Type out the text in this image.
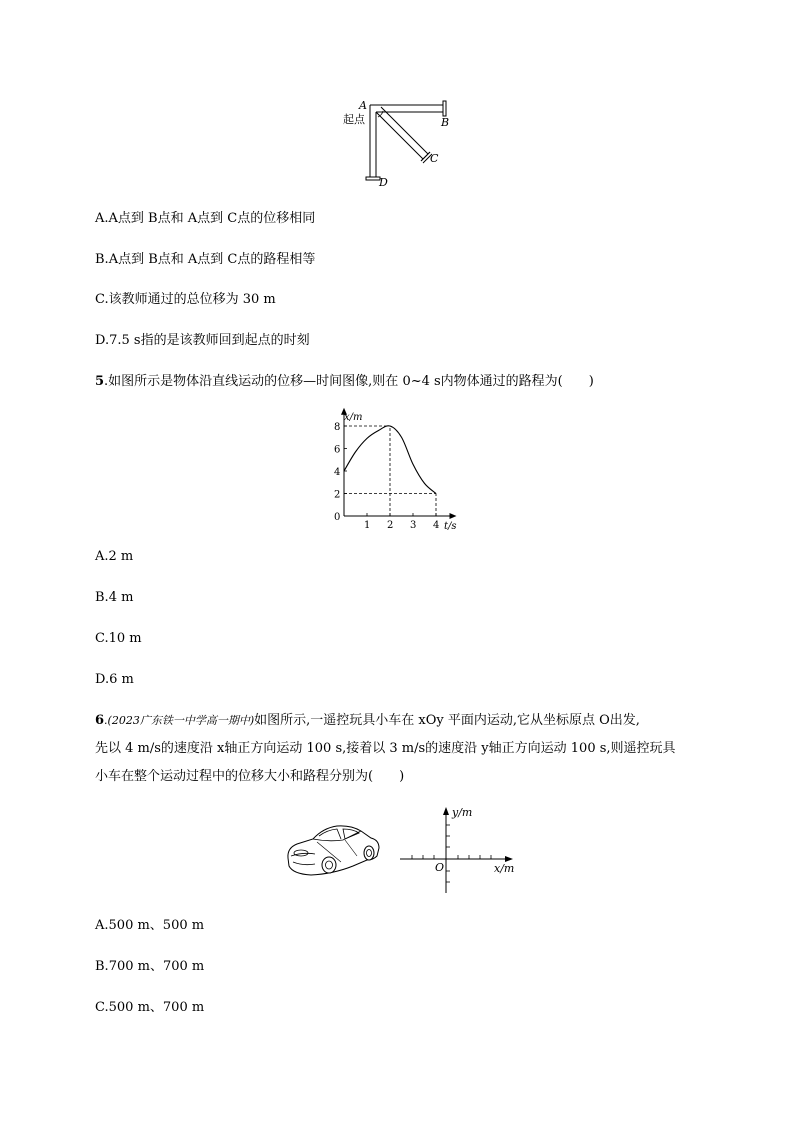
起点
A
B
C
D
A.A点到 B点和 A点到 C点的位移相同
B.A点到 B点和 A点到 C点的路程相等
C.该教师通过的总位移为 30 m
D.7.5 s指的是该教师回到起点的时刻
5.如图所示是物体沿直线运动的位移—时间图像,则在 0~4 s内物体通过的路程为(　　)
1 2 3 4
0
2
4
6
8
x/m
t/s
A.2 m
B.4 m
C.10 m
D.6 m
6.(2023广东铁一中学高一期中)如图所示,一遥控玩具小车在 xOy 平面内运动,它从坐标原点 O出发,
先以 4 m/s的速度沿 x轴正方向运动 100 s,接着以 3 m/s的速度沿 y轴正方向运动 100 s,则遥控玩具
小车在整个运动过程中的位移大小和路程分别为(　　)
y/m
x/m
O
A.500 m、500 m
B.700 m、700 m
C.500 m、700 m
